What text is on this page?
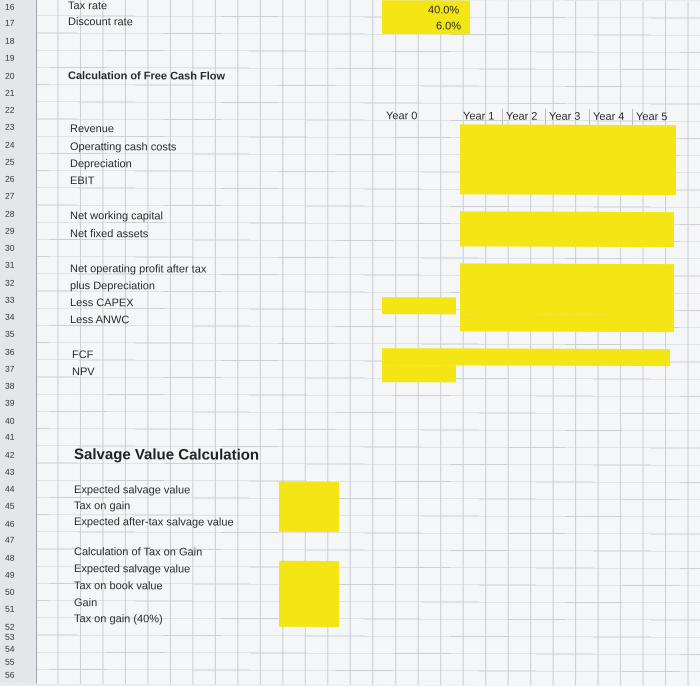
16
17
18
19
20
21
22
23
24
25
26
27
28
29
30
31
32
33
34
35
36
37
38
39
40
41
42
43
44
45
46
47
48
49
50
51
52
53
54
55
56
Tax rate
Discount rate
40.0%
6.0%
Calculation of Free Cash Flow
Year 0	Year 1 Year 2 Year 3 Year 4 Year 5
Revenue
Operatting cash costs
Depreciation
EBIT
Net working capital
Net fixed assets
Net operating profit after tax
plus Depreciation
Less CAPEX
Less ANWC
FCF
NPV
Salvage Value Calculation
Expected salvage value
Tax on gain
Expected after-tax salvage value
Calculation of Tax on Gain
Expected salvage value
Tax on book value
Gain
Tax on gain (40%)
